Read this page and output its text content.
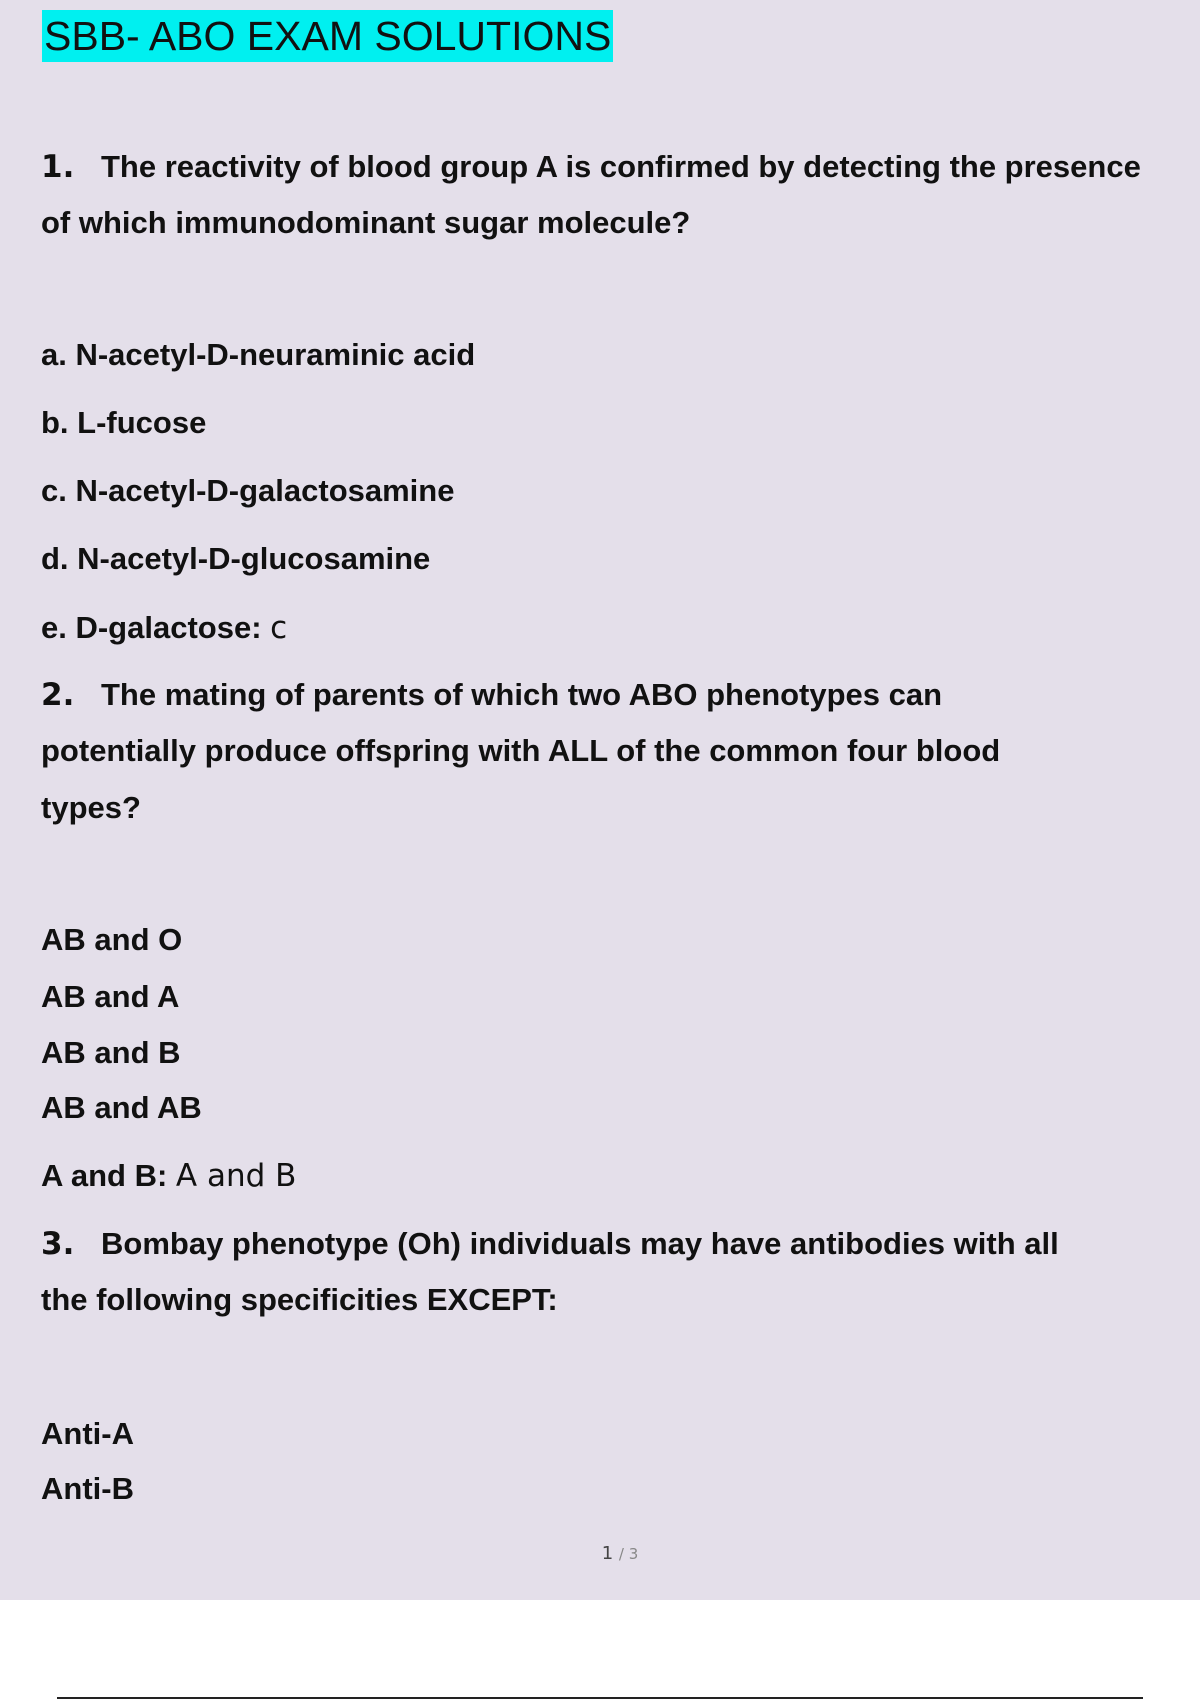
SBB- ABO EXAM SOLUTIONS
1. The reactivity of blood group A is confirmed by detecting the presence
of which immunodominant sugar molecule?
a. N-acetyl-D-neuraminic acid
b. L-fucose
c. N-acetyl-D-galactosamine
d. N-acetyl-D-glucosamine
e. D-galactose: c
2. The mating of parents of which two ABO phenotypes can
potentially produce offspring with ALL of the common four blood
types?
AB and O
AB and A
AB and B
AB and AB
A and B: A and B
3. Bombay phenotype (Oh) individuals may have antibodies with all
the following specificities EXCEPT:
Anti-A
Anti-B
1 / 3
